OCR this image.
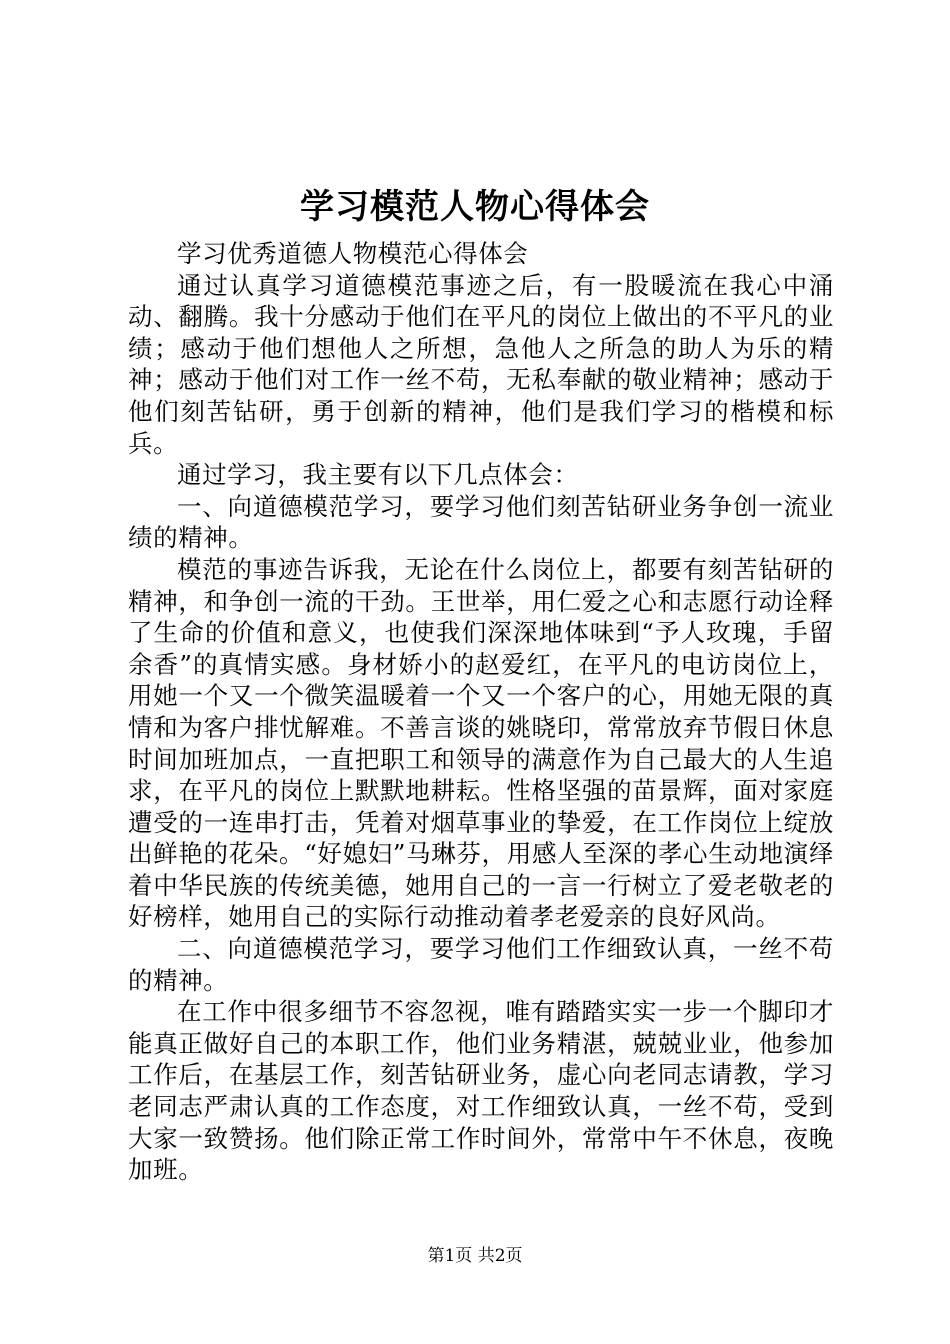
学习模范人物心得体会

学习优秀道德人物模范心得体会

通过认真学习道德模范事迹之后，有一股暖流在我心中涌动、翻腾。我十分感动于他们在平凡的岗位上做出的不平凡的业绩；感动于他们想他人之所想，急他人之所急的助人为乐的精神；感动于他们对工作一丝不苟，无私奉献的敬业精神；感动于他们刻苦钻研，勇于创新的精神，他们是我们学习的楷模和标兵。

通过学习，我主要有以下几点体会：

一、向道德模范学习，要学习他们刻苦钻研业务争创一流业绩的精神。

模范的事迹告诉我，无论在什么岗位上，都要有刻苦钻研的精神，和争创一流的干劲。王世举，用仁爱之心和志愿行动诠释了生命的价值和意义，也使我们深深地体味到“予人玫瑰，手留余香”的真情实感。身材娇小的赵爱红，在平凡的电访岗位上，用她一个又一个微笑温暖着一个又一个客户的心，用她无限的真情和为客户排忧解难。不善言谈的姚晓印，常常放弃节假日休息时间加班加点，一直把职工和领导的满意作为自己最大的人生追求，在平凡的岗位上默默地耕耘。性格坚强的苗景辉，面对家庭遭受的一连串打击，凭着对烟草事业的挚爱，在工作岗位上绽放出鲜艳的花朵。“好媳妇”马琳芬，用感人至深的孝心生动地演绎着中华民族的传统美德，她用自己的一言一行树立了爱老敬老的好榜样，她用自己的实际行动推动着孝老爱亲的良好风尚。

二、向道德模范学习，要学习他们工作细致认真，一丝不苟的精神。

在工作中很多细节不容忽视，唯有踏踏实实一步一个脚印才能真正做好自己的本职工作，他们业务精湛，兢兢业业，他参加工作后，在基层工作，刻苦钻研业务，虚心向老同志请教，学习老同志严肃认真的工作态度，对工作细致认真，一丝不苟，受到大家一致赞扬。他们除正常工作时间外，常常中午不休息，夜晚加班。

第1页 共2页
